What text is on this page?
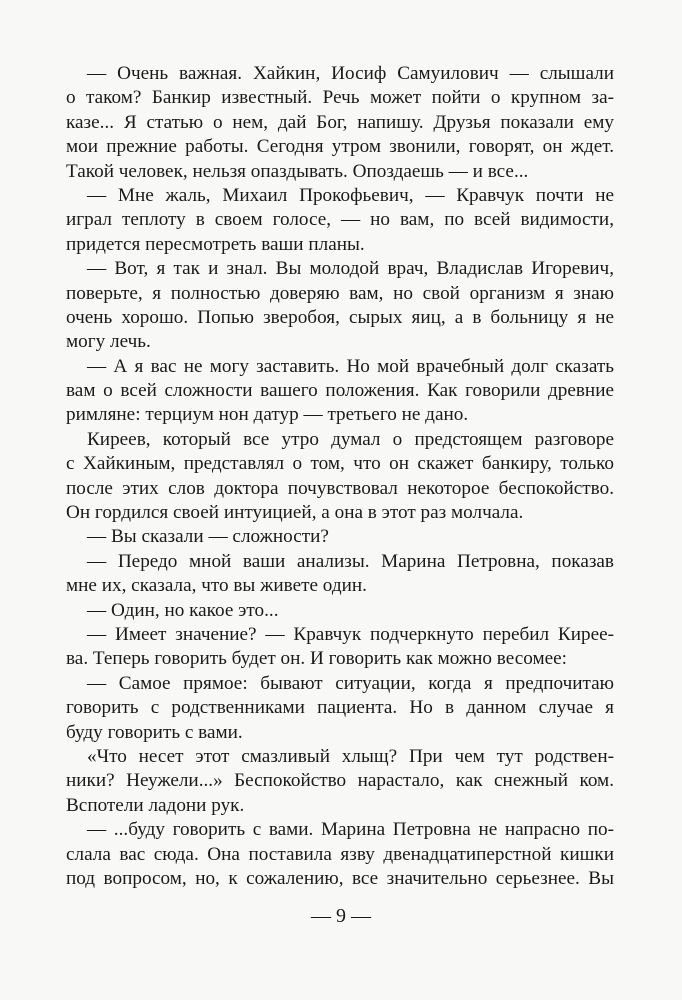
— Очень важная. Хайкин, Иосиф Самуилович — слышали
о таком? Банкир известный. Речь может пойти о крупном за-
казе... Я статью о нем, дай Бог, напишу. Друзья показали ему
мои прежние работы. Сегодня утром звонили, говорят, он ждет.
Такой человек, нельзя опаздывать. Опоздаешь — и все...
— Мне жаль, Михаил Прокофьевич, — Кравчук почти не
играл теплоту в своем голосе, — но вам, по всей видимости,
придется пересмотреть ваши планы.
— Вот, я так и знал. Вы молодой врач, Владислав Игоревич,
поверьте, я полностью доверяю вам, но свой организм я знаю
очень хорошо. Попью зверобоя, сырых яиц, а в больницу я не
могу лечь.
— А я вас не могу заставить. Но мой врачебный долг сказать
вам о всей сложности вашего положения. Как говорили древние
римляне: терциум нон датур — третьего не дано.
Киреев, который все утро думал о предстоящем разговоре
с Хайкиным, представлял о том, что он скажет банкиру, только
после этих слов доктора почувствовал некоторое беспокойство.
Он гордился своей интуицией, а она в этот раз молчала.
— Вы сказали — сложности?
— Передо мной ваши анализы. Марина Петровна, показав
мне их, сказала, что вы живете один.
— Один, но какое это...
— Имеет значение? — Кравчук подчеркнуто перебил Кирее-
ва. Теперь говорить будет он. И говорить как можно весомее:
— Самое прямое: бывают ситуации, когда я предпочитаю
говорить с родственниками пациента. Но в данном случае я
буду говорить с вами.
«Что несет этот смазливый хлыщ? При чем тут родствен-
ники? Неужели...» Беспокойство нарастало, как снежный ком.
Вспотели ладони рук.
— ...буду говорить с вами. Марина Петровна не напрасно по-
слала вас сюда. Она поставила язву двенадцатиперстной кишки
под вопросом, но, к сожалению, все значительно серьезнее. Вы
— 9 —
